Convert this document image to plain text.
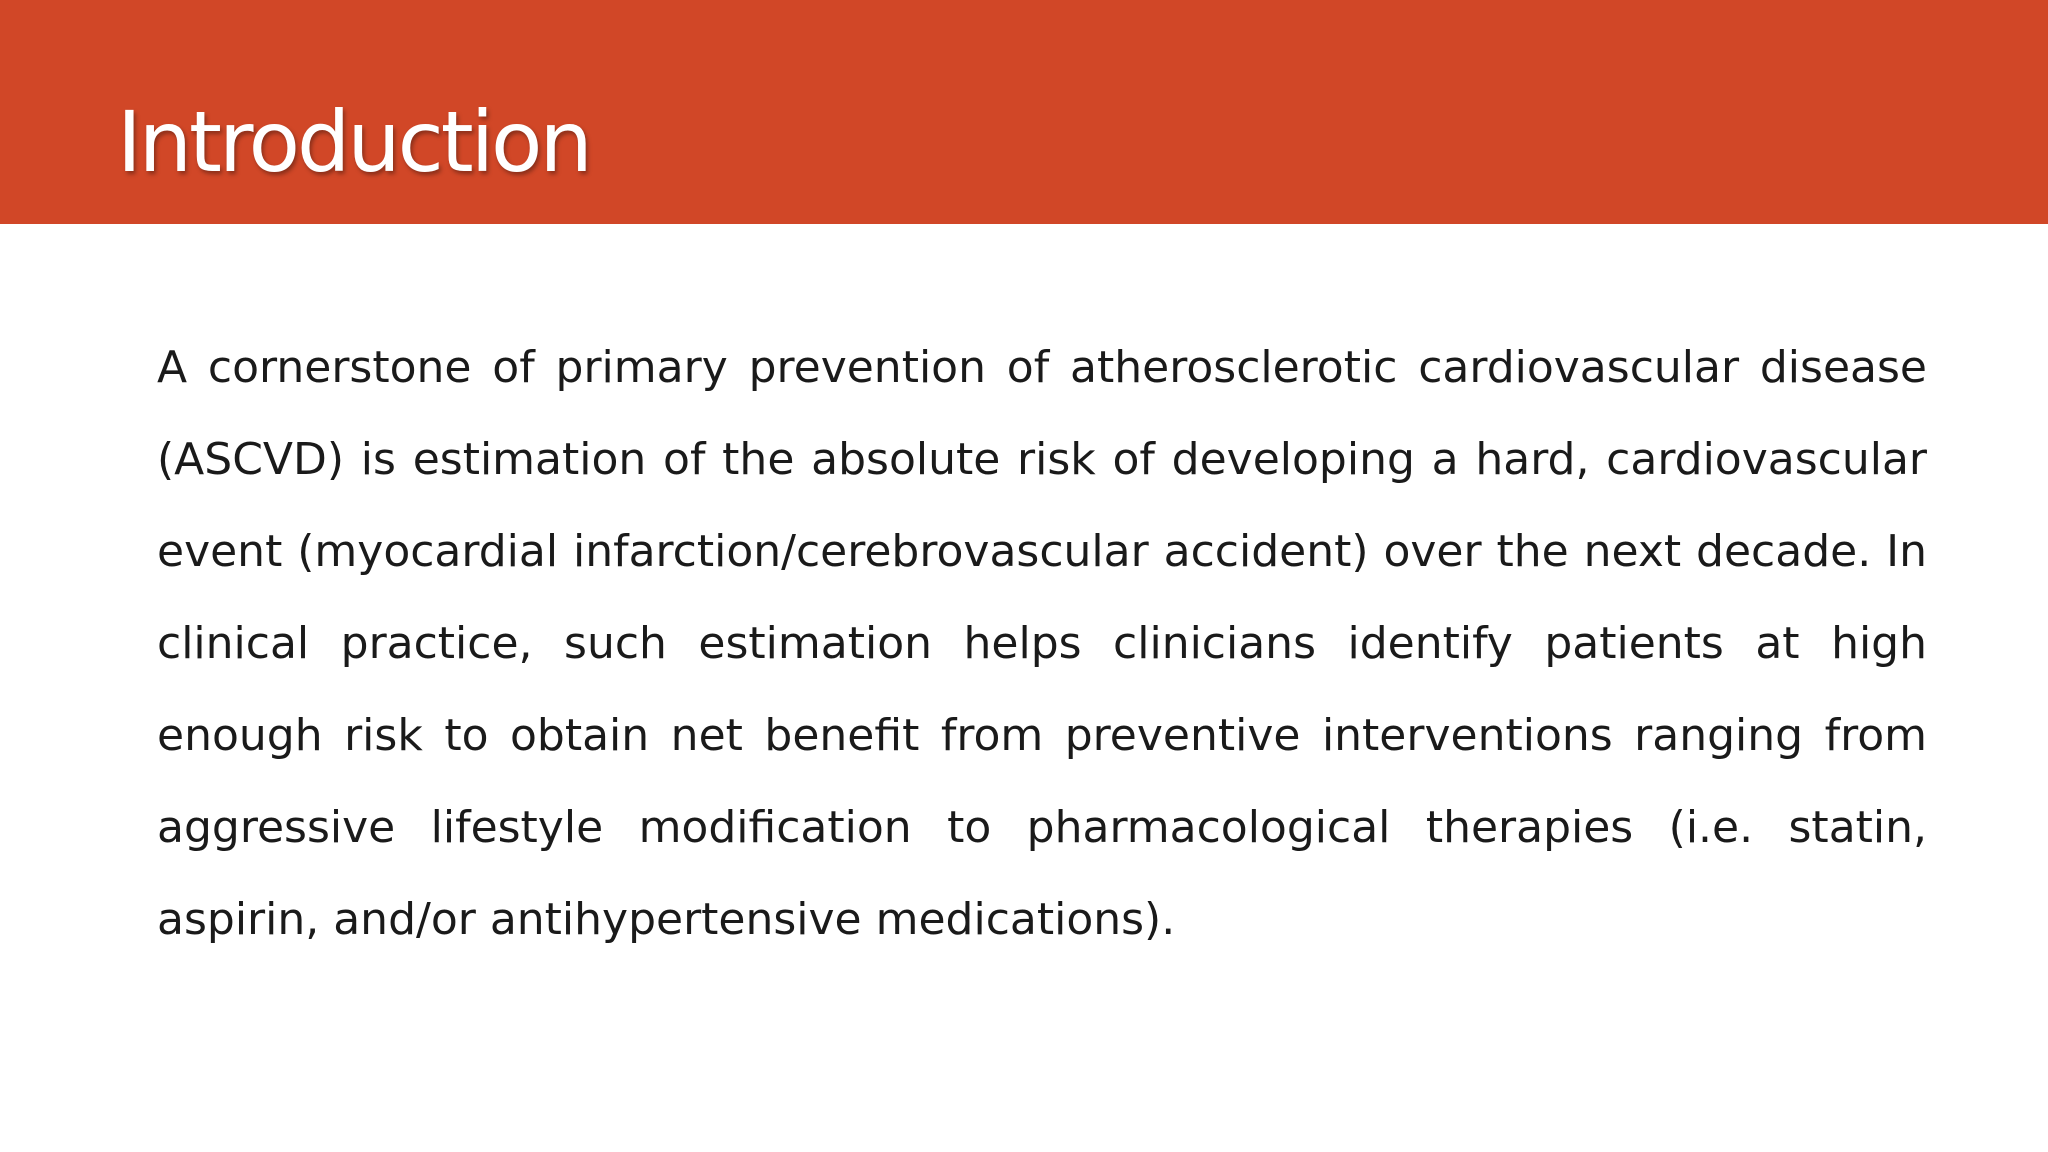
Introduction

A cornerstone of primary prevention of atherosclerotic cardiovascular disease (ASCVD) is estimation of the absolute risk of developing a hard, cardiovascular event (myocardial infarction/cerebrovascular accident) over the next decade. In clinical practice, such estimation helps clinicians identify patients at high enough risk to obtain net benefit from preventive interventions ranging from aggressive lifestyle modification to pharmacological therapies (i.e. statin, aspirin, and/or antihypertensive medications).
